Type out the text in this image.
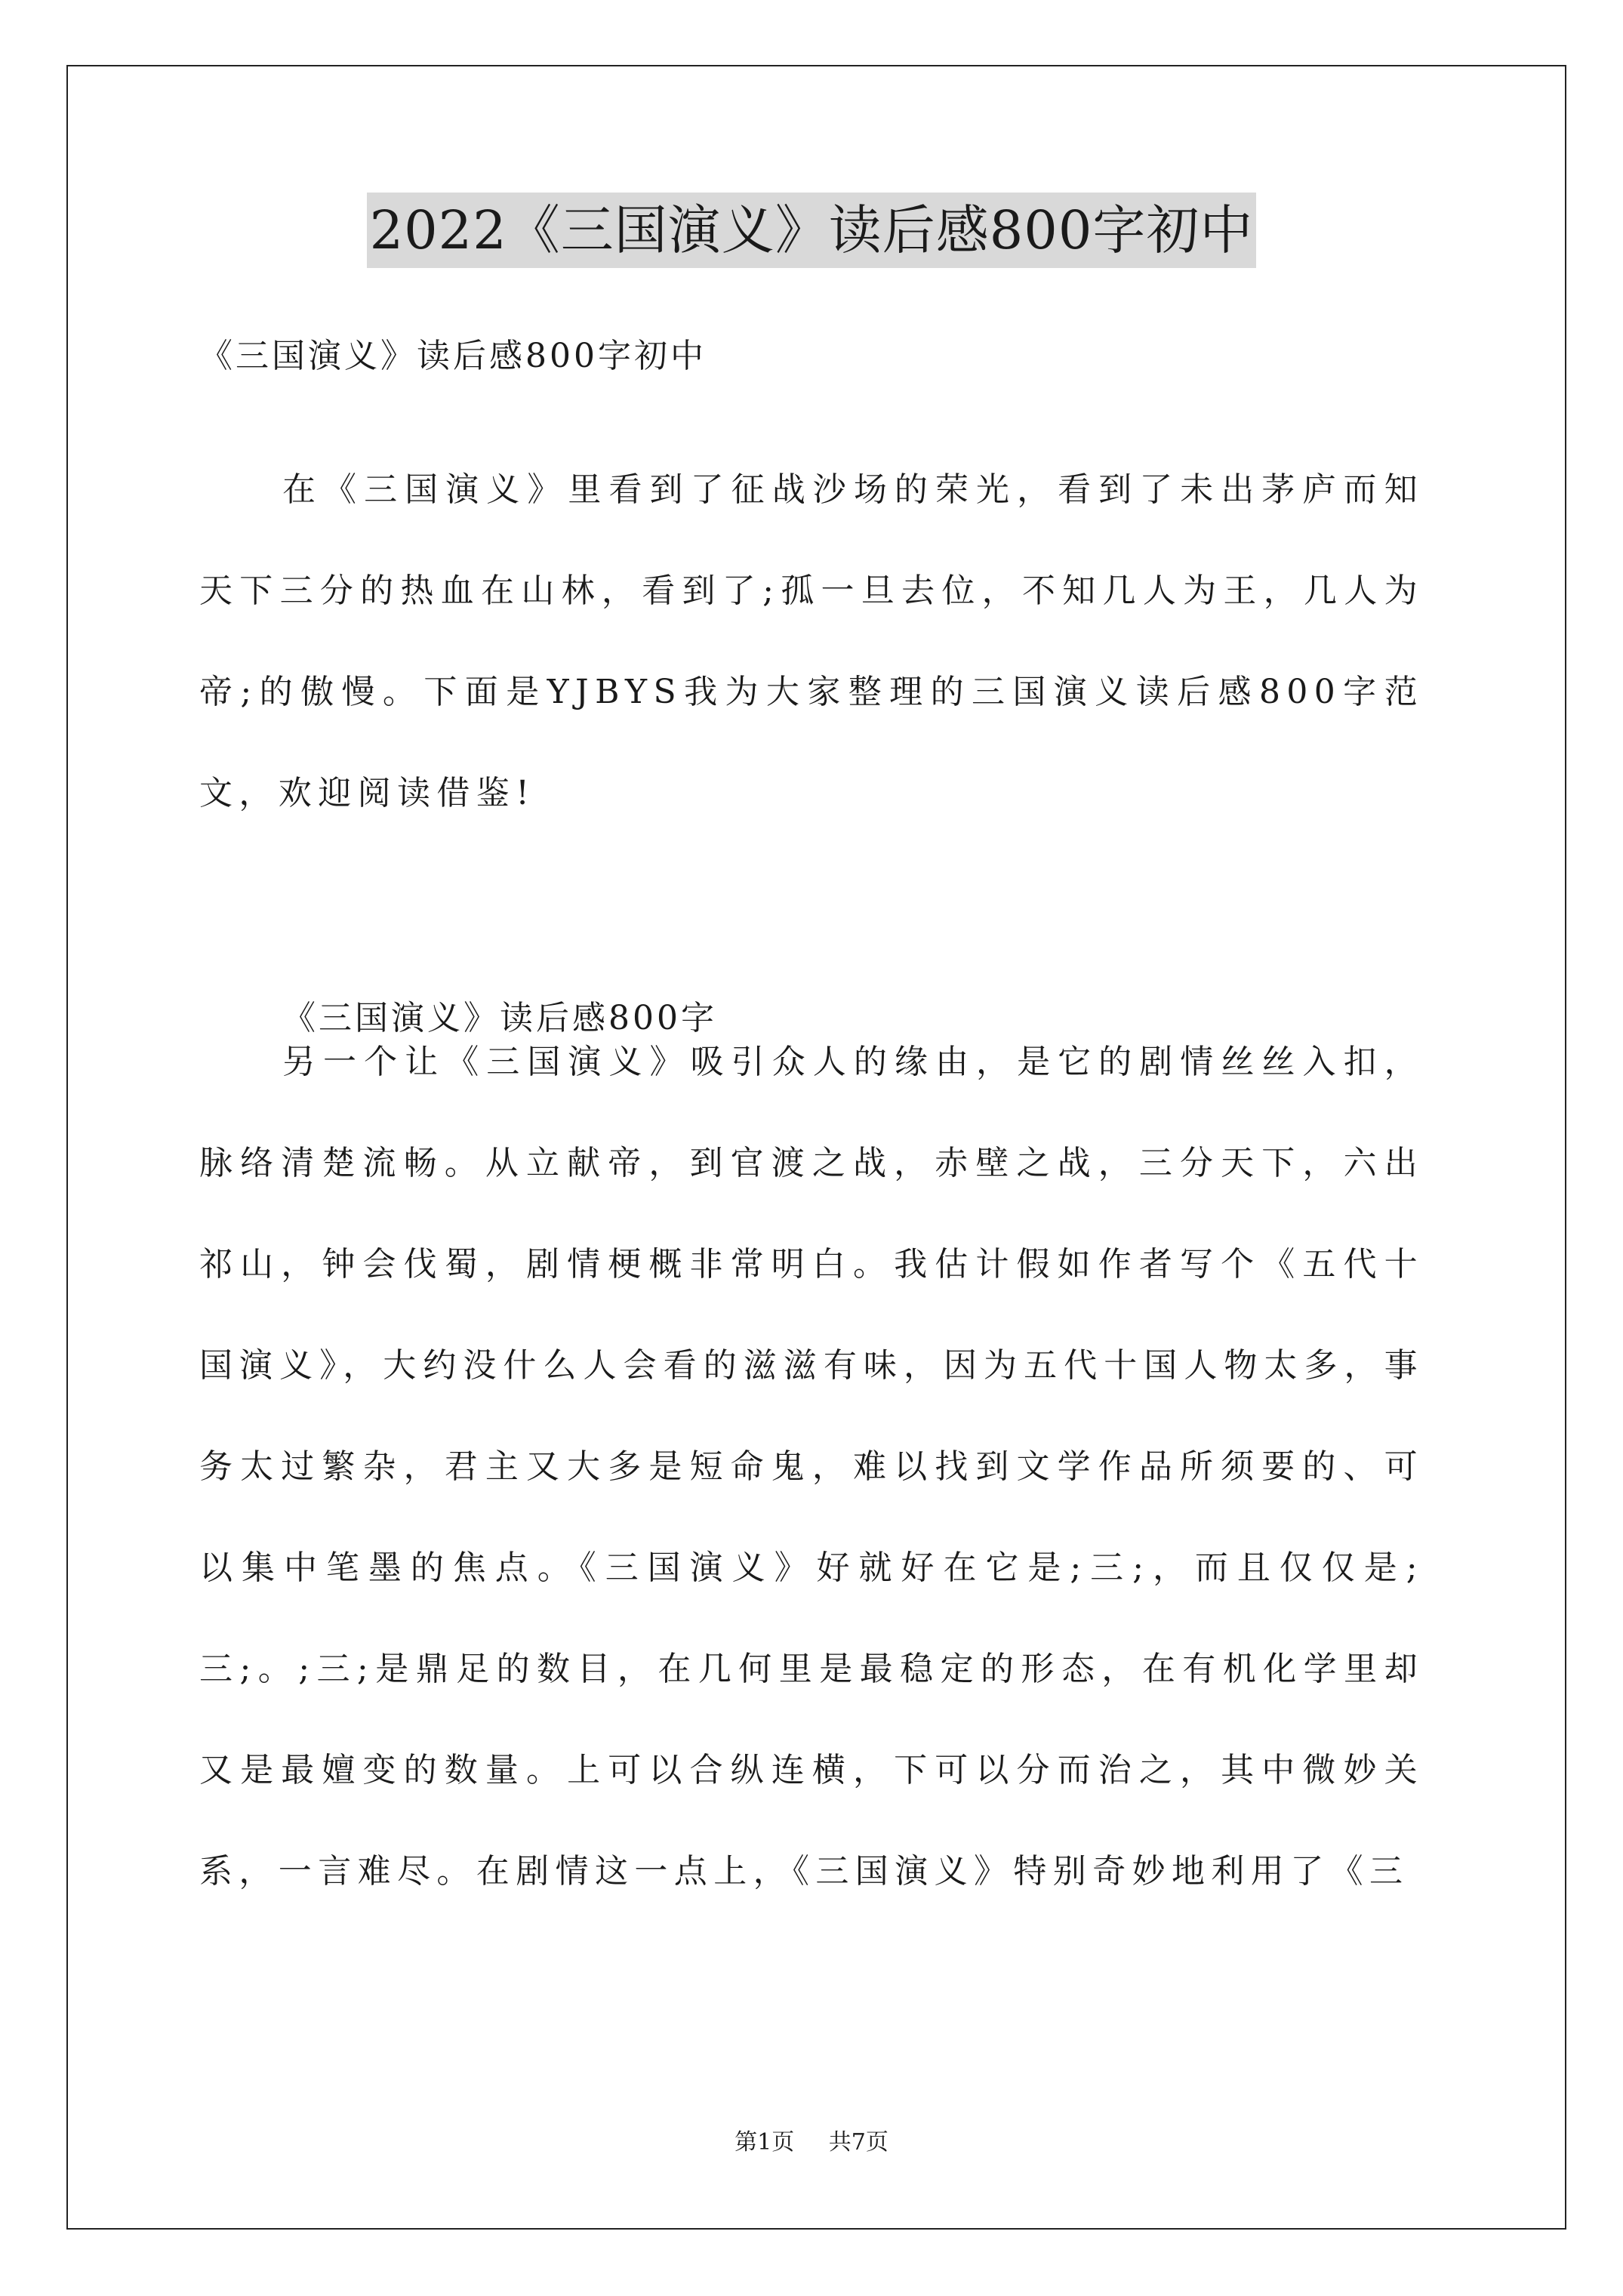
2022《三国演义》读后感800字初中
《三国演义》读后感800字初中
在《三国演义》里看到了征战沙场的荣光，看到了未出茅庐而知天下三分的热血在山林，看到了;孤一旦去位，不知几人为王，几人为帝;的傲慢。下面是YJBYS我为大家整理的三国演义读后感800字范文，欢迎阅读借鉴!
《三国演义》读后感800字
另一个让《三国演义》吸引众人的缘由，是它的剧情丝丝入扣，脉络清楚流畅。从立献帝，到官渡之战，赤壁之战，三分天下，六出祁山，钟会伐蜀，剧情梗概非常明白。我估计假如作者写个《五代十国演义》，大约没什么人会看的滋滋有味，因为五代十国人物太多，事务太过繁杂，君主又大多是短命鬼，难以找到文学作品所须要的、可以集中笔墨的焦点。《三国演义》好就好在它是;三;，而且仅仅是;三;。;三;是鼎足的数目，在几何里是最稳定的形态，在有机化学里却又是最嬗变的数量。上可以合纵连横，下可以分而治之，其中微妙关系，一言难尽。在剧情这一点上，《三国演义》特别奇妙地利用了《三
第1页 共7页
